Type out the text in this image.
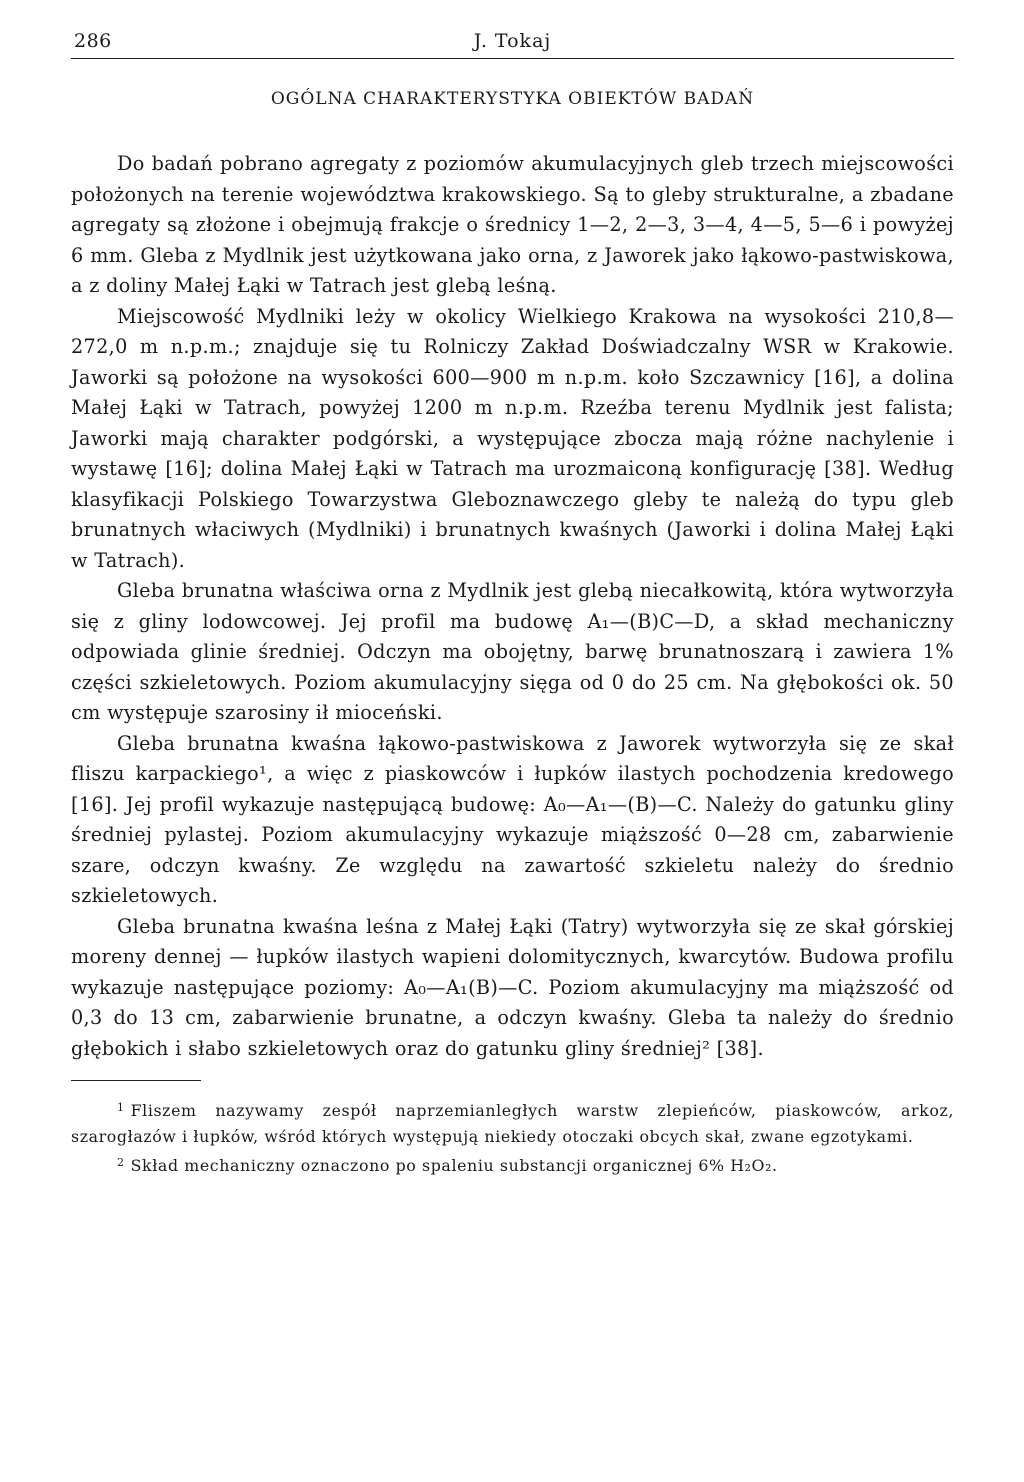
286	J. Tokaj
OGÓLNA CHARAKTERYSTYKA OBIEKTÓW BADAŃ

Do badań pobrano agregaty z poziomów akumulacyjnych gleb trzech miejscowości położonych na terenie województwa krakowskiego. Są to gleby strukturalne, a zbadane agregaty są złożone i obejmują frakcje o średnicy 1—2, 2—3, 3—4, 4—5, 5—6 i powyżej 6 mm. Gleba z Mydlnik jest użytkowana jako orna, z Jaworek jako łąkowo-pastwiskowa, a z doliny Małej Łąki w Tatrach jest glebą leśną.

Miejscowość Mydlniki leży w okolicy Wielkiego Krakowa na wysokości 210,8—272,0 m n.p.m.; znajduje się tu Rolniczy Zakład Doświadczalny WSR w Krakowie. Jaworki są położone na wysokości 600—900 m n.p.m. koło Szczawnicy [16], a dolina Małej Łąki w Tatrach, powyżej 1200 m n.p.m. Rzeźba terenu Mydlnik jest falista; Jaworki mają charakter podgórski, a występujące zbocza mają różne nachylenie i wystawę [16]; dolina Małej Łąki w Tatrach ma urozmaiconą konfigurację [38]. Według klasyfikacji Polskiego Towarzystwa Gleboznawczego gleby te należą do typu gleb brunatnych właciwych (Mydlniki) i brunatnych kwaśnych (Jaworki i dolina Małej Łąki w Tatrach).

Gleba brunatna właściwa orna z Mydlnik jest glebą niecałkowitą, która wytworzyła się z gliny lodowcowej. Jej profil ma budowę A₁—(B)C—D, a skład mechaniczny odpowiada glinie średniej. Odczyn ma obojętny, barwę brunatnoszarą i zawiera 1% części szkieletowych. Poziom akumulacyjny sięga od 0 do 25 cm. Na głębokości ok. 50 cm występuje szarosiny ił mioceński.

Gleba brunatna kwaśna łąkowo-pastwiskowa z Jaworek wytworzyła się ze skał fliszu karpackiego¹, a więc z piaskowców i łupków ilastych pochodzenia kredowego [16]. Jej profil wykazuje następującą budowę: A₀—A₁—(B)—C. Należy do gatunku gliny średniej pylastej. Poziom akumulacyjny wykazuje miąższość 0—28 cm, zabarwienie szare, odczyn kwaśny. Ze względu na zawartość szkieletu należy do średnio szkieletowych.

Gleba brunatna kwaśna leśna z Małej Łąki (Tatry) wytworzyła się ze skał górskiej moreny dennej — łupków ilastych wapieni dolomitycznych, kwarcytów. Budowa profilu wykazuje następujące poziomy: A₀—A₁(B)—C. Poziom akumulacyjny ma miąższość od 0,3 do 13 cm, zabarwienie brunatne, a odczyn kwaśny. Gleba ta należy do średnio głębokich i słabo szkieletowych oraz do gatunku gliny średniej² [38].

$^1$ Fliszem nazywamy zespół naprzemianległych warstw zlepieńców, piaskowców, arkoz, szarogłazów i łupków, wśród których występują niekiedy otoczaki obcych skał, zwane egzotykami.

$^2$ Skład mechaniczny oznaczono po spaleniu substancji organicznej 6% H₂O₂.
